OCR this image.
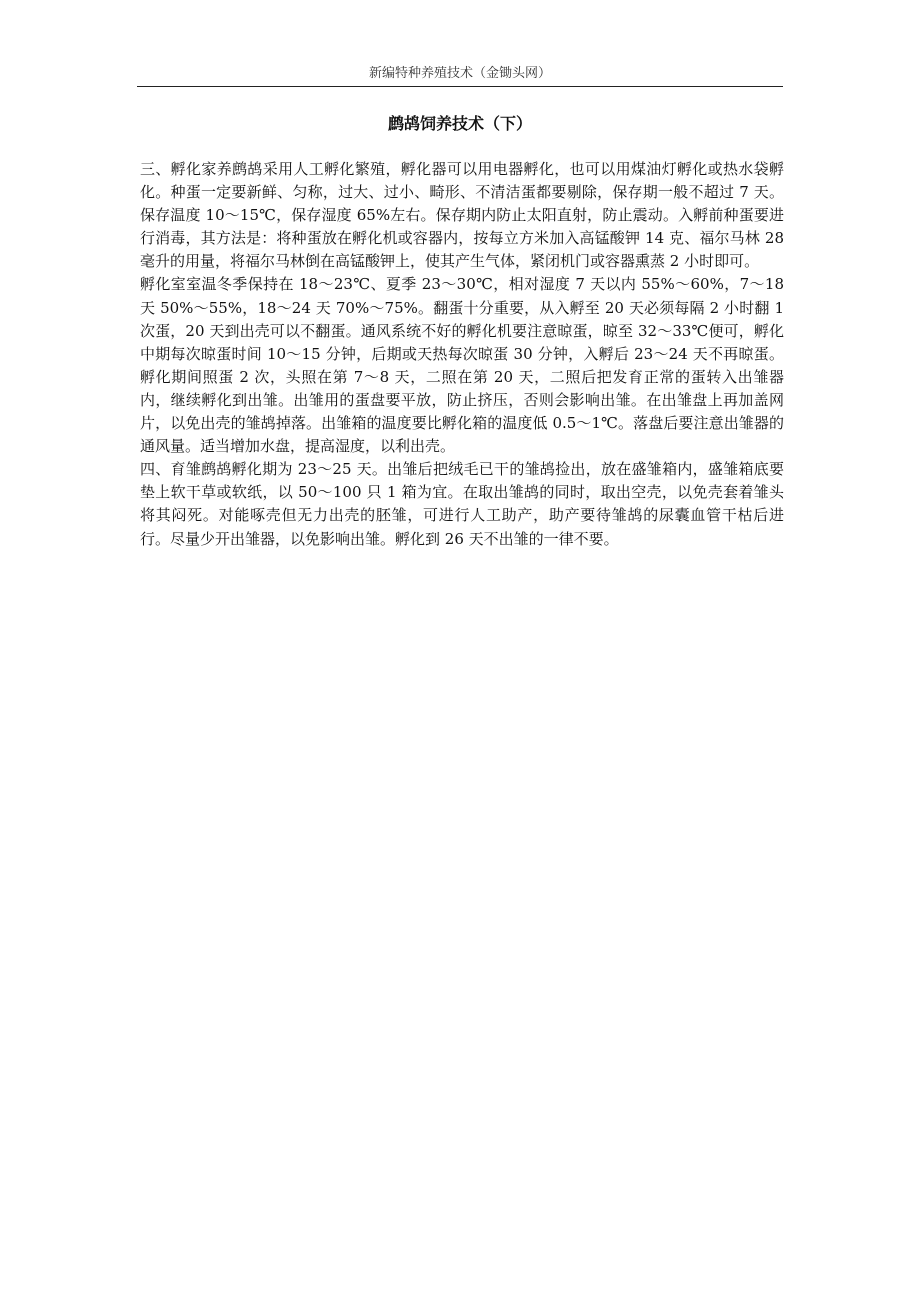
新编特种养殖技术（金锄头网）
鹧鸪饲养技术（下）

三、孵化家养鹧鸪采用人工孵化繁殖，孵化器可以用电器孵化，也可以用煤油灯孵化或热水袋孵化。种蛋一定要新鲜、匀称，过大、过小、畸形、不清洁蛋都要剔除，保存期一般不超过 7 天。保存温度 10～15℃，保存湿度 65%左右。保存期内防止太阳直射，防止震动。入孵前种蛋要进行消毒，其方法是：将种蛋放在孵化机或容器内，按每立方米加入高锰酸钾 14 克、福尔马林 28 毫升的用量，将福尔马林倒在高锰酸钾上，使其产生气体，紧闭机门或容器熏蒸 2 小时即可。

孵化室室温冬季保持在 18～23℃、夏季 23～30℃，相对湿度 7 天以内 55%～60%，7～18 天 50%～55%，18～24 天 70%～75%。翻蛋十分重要，从入孵至 20 天必须每隔 2 小时翻 1 次蛋，20 天到出壳可以不翻蛋。通风系统不好的孵化机要注意晾蛋，晾至 32～33℃便可，孵化中期每次晾蛋时间 10～15 分钟，后期或天热每次晾蛋 30 分钟，入孵后 23～24 天不再晾蛋。孵化期间照蛋 2 次，头照在第 7～8 天，二照在第 20 天，二照后把发育正常的蛋转入出雏器内，继续孵化到出雏。出雏用的蛋盘要平放，防止挤压，否则会影响出雏。在出雏盘上再加盖网片，以免出壳的雏鸪掉落。出雏箱的温度要比孵化箱的温度低 0.5～1℃。落盘后要注意出雏器的通风量。适当增加水盘，提高湿度，以利出壳。

四、育雏鹧鸪孵化期为 23～25 天。出雏后把绒毛已干的雏鸪捡出，放在盛雏箱内，盛雏箱底要垫上软干草或软纸，以 50～100 只 1 箱为宜。在取出雏鸪的同时，取出空壳，以免壳套着雏头将其闷死。对能啄壳但无力出壳的胚雏，可进行人工助产，助产要待雏鸪的尿囊血管干枯后进行。尽量少开出雏器，以免影响出雏。孵化到 26 天不出雏的一律不要。
